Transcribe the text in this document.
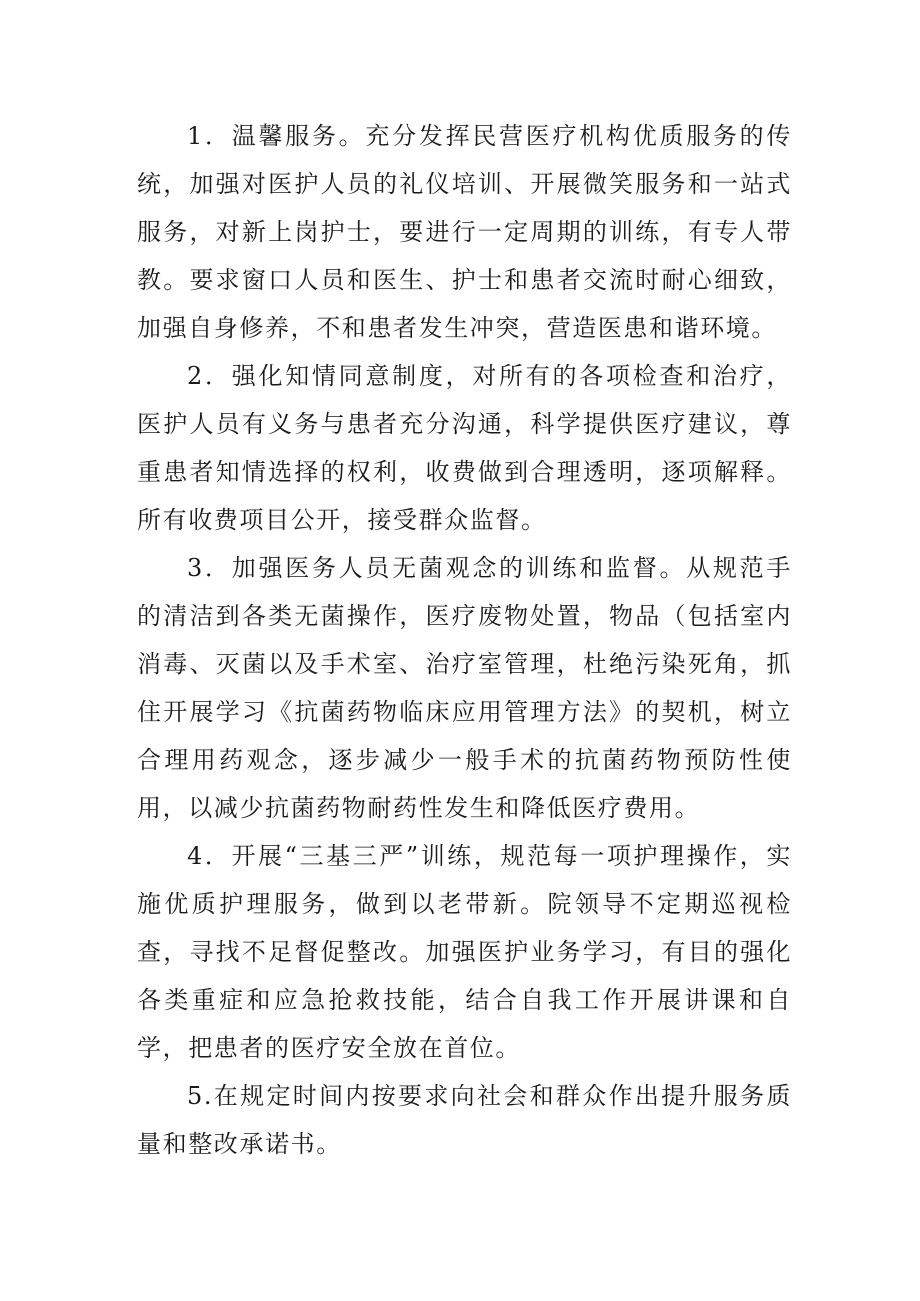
1．温馨服务。充分发挥民营医疗机构优质服务的传统，加强对医护人员的礼仪培训、开展微笑服务和一站式服务，对新上岗护士，要进行一定周期的训练，有专人带教。要求窗口人员和医生、护士和患者交流时耐心细致，加强自身修养，不和患者发生冲突，营造医患和谐环境。

2．强化知情同意制度，对所有的各项检查和治疗，医护人员有义务与患者充分沟通，科学提供医疗建议，尊重患者知情选择的权利，收费做到合理透明，逐项解释。所有收费项目公开，接受群众监督。

3．加强医务人员无菌观念的训练和监督。从规范手的清洁到各类无菌操作，医疗废物处置，物品（包括室内消毒、灭菌以及手术室、治疗室管理，杜绝污染死角，抓住开展学习《抗菌药物临床应用管理方法》的契机，树立合理用药观念，逐步减少一般手术的抗菌药物预防性使用，以减少抗菌药物耐药性发生和降低医疗费用。

4．开展“三基三严”训练，规范每一项护理操作，实施优质护理服务，做到以老带新。院领导不定期巡视检查，寻找不足督促整改。加强医护业务学习，有目的强化各类重症和应急抢救技能，结合自我工作开展讲课和自学，把患者的医疗安全放在首位。

5.在规定时间内按要求向社会和群众作出提升服务质量和整改承诺书。
